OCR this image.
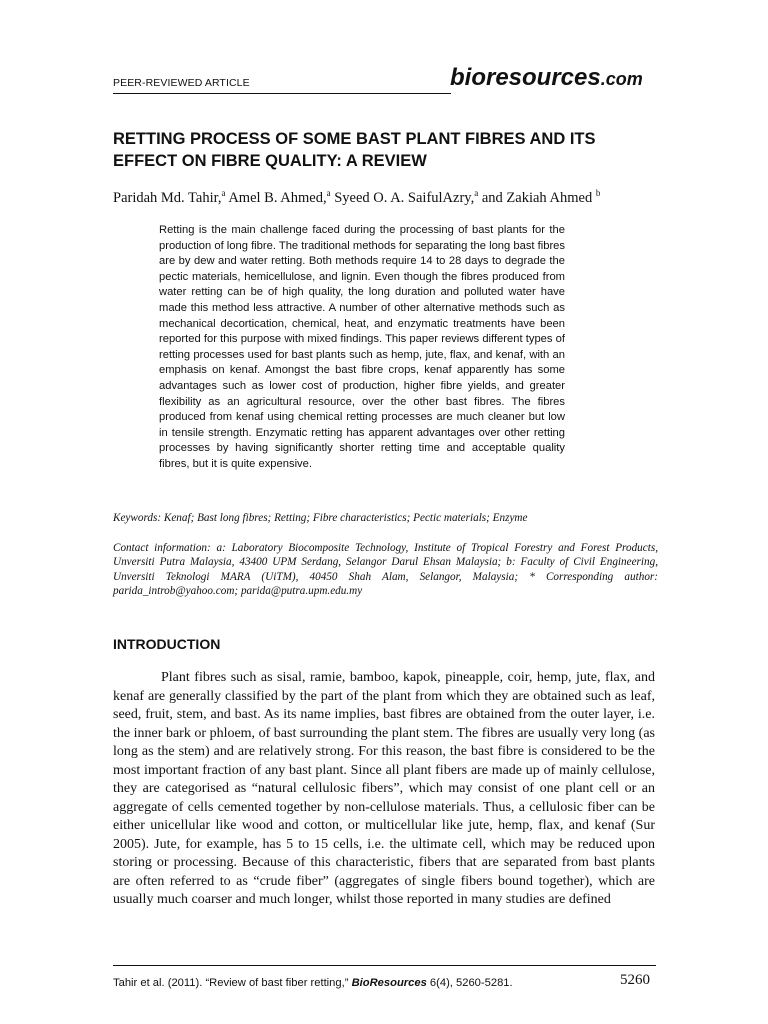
PEER-REVIEWED ARTICLE	bioresources.com
RETTING PROCESS OF SOME BAST PLANT FIBRES AND ITS EFFECT ON FIBRE QUALITY: A REVIEW

Paridah Md. Tahir,$^a$ Amel B. Ahmed,$^a$ Syeed O. A. SaifulAzry,$^a$ and Zakiah Ahmed $^b$

Retting is the main challenge faced during the processing of bast plants for the production of long fibre. The traditional methods for separating the long bast fibres are by dew and water retting. Both methods require 14 to 28 days to degrade the pectic materials, hemicellulose, and lignin. Even though the fibres produced from water retting can be of high quality, the long duration and polluted water have made this method less attractive. A number of other alternative methods such as mechanical decortication, chemical, heat, and enzymatic treatments have been reported for this purpose with mixed findings. This paper reviews different types of retting processes used for bast plants such as hemp, jute, flax, and kenaf, with an emphasis on kenaf. Amongst the bast fibre crops, kenaf apparently has some advantages such as lower cost of production, higher fibre yields, and greater flexibility as an agricultural resource, over the other bast fibres. The fibres produced from kenaf using chemical retting processes are much cleaner but low in tensile strength. Enzymatic retting has apparent advantages over other retting processes by having significantly shorter retting time and acceptable quality fibres, but it is quite expensive.

Keywords: Kenaf; Bast long fibres; Retting; Fibre characteristics; Pectic materials; Enzyme

Contact information: a: Laboratory Biocomposite Technology, Institute of Tropical Forestry and Forest Products, Unversiti Putra Malaysia, 43400 UPM Serdang, Selangor Darul Ehsan Malaysia; b: Faculty of Civil Engineering, Unversiti Teknologi MARA (UiTM), 40450 Shah Alam, Selangor, Malaysia; * Corresponding author: parida_introb@yahoo.com; parida@putra.upm.edu.my

INTRODUCTION

Plant fibres such as sisal, ramie, bamboo, kapok, pineapple, coir, hemp, jute, flax, and kenaf are generally classified by the part of the plant from which they are obtained such as leaf, seed, fruit, stem, and bast. As its name implies, bast fibres are obtained from the outer layer, i.e. the inner bark or phloem, of bast surrounding the plant stem. The fibres are usually very long (as long as the stem) and are relatively strong. For this reason, the bast fibre is considered to be the most important fraction of any bast plant. Since all plant fibers are made up of mainly cellulose, they are categorised as “natural cellulosic fibers”, which may consist of one plant cell or an aggregate of cells cemented together by non-cellulose materials. Thus, a cellulosic fiber can be either unicellular like wood and cotton, or multicellular like jute, hemp, flax, and kenaf (Sur 2005). Jute, for example, has 5 to 15 cells, i.e. the ultimate cell, which may be reduced upon storing or processing. Because of this characteristic, fibers that are separated from bast plants are often referred to as “crude fiber” (aggregates of single fibers bound together), which are usually much coarser and much longer, whilst those reported in many studies are defined

Tahir et al. (2011). “Review of bast fiber retting,” BioResources 6(4), 5260-5281.	5260
